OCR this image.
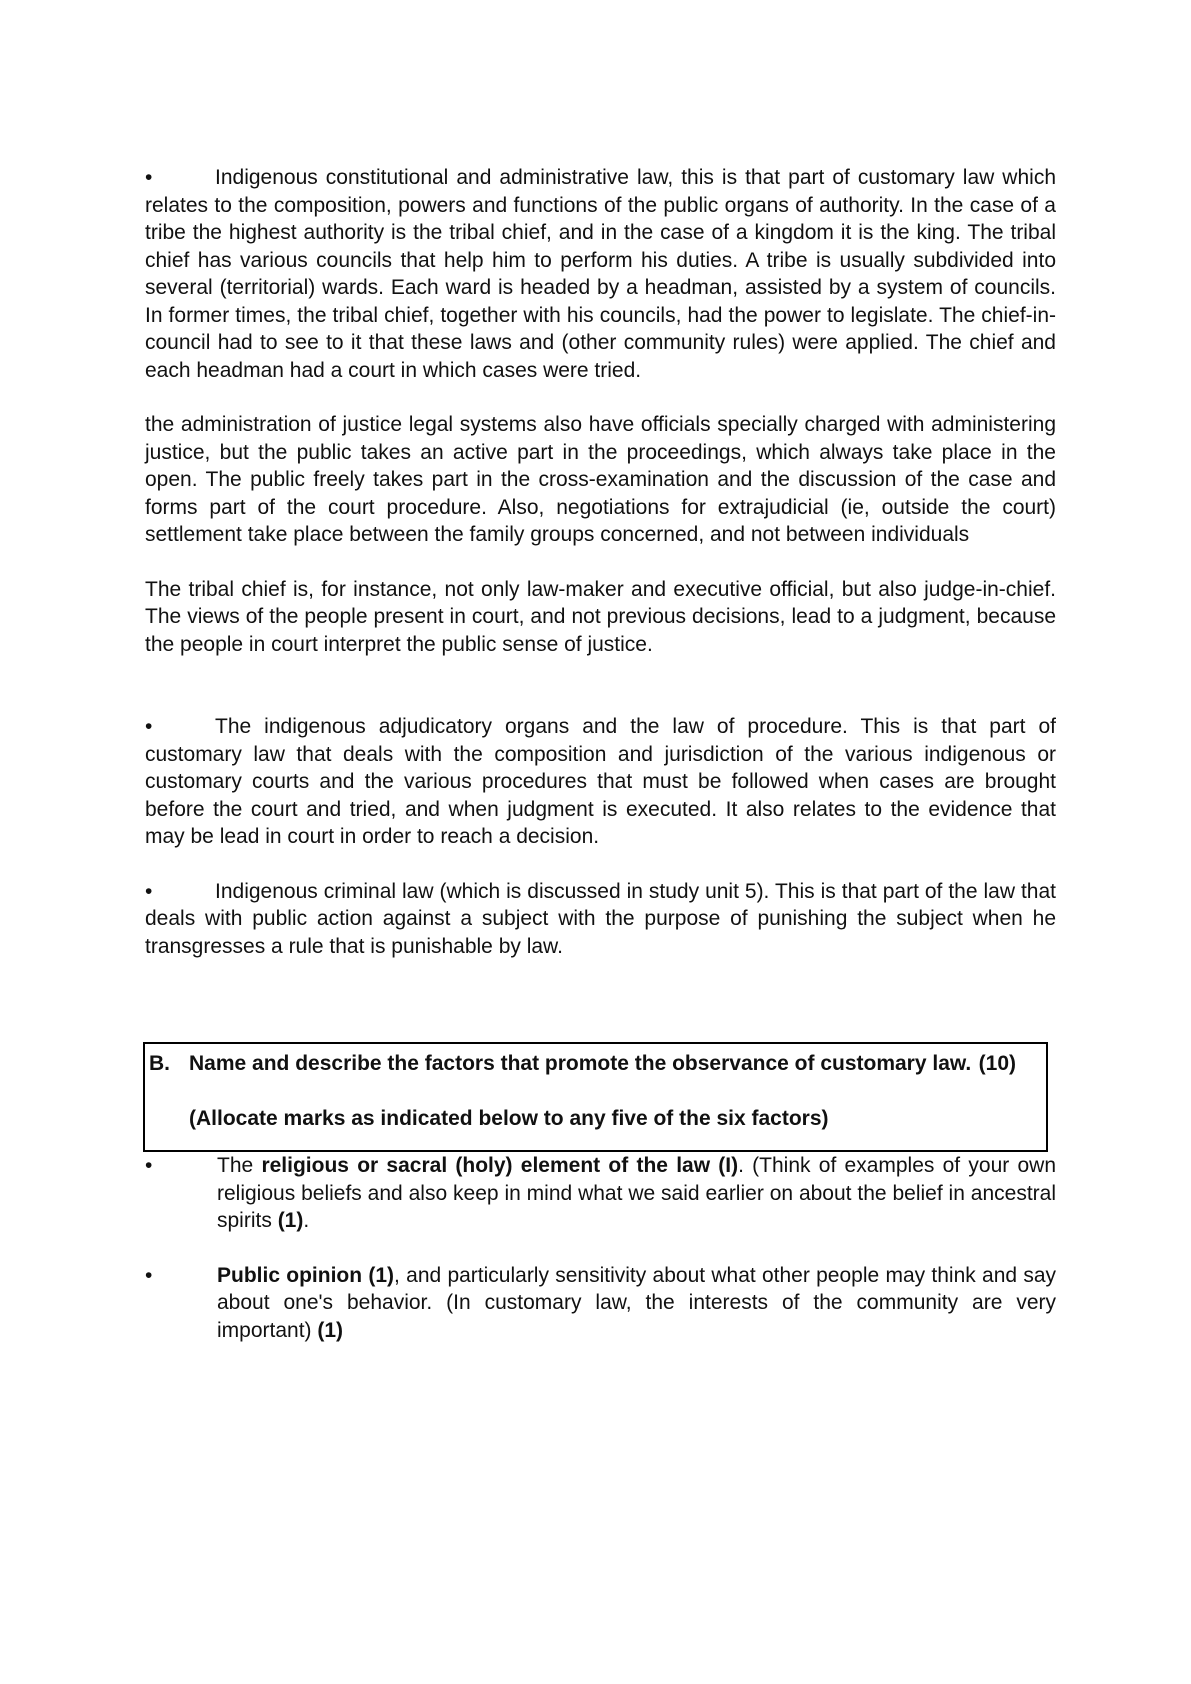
•	Indigenous constitutional and administrative law, this is that part of customary law which relates to the composition, powers and functions of the public organs of authority. In the case of a tribe the highest authority is the tribal chief, and in the case of a kingdom it is the king. The tribal chief has various councils that help him to perform his duties. A tribe is usually subdivided into several (territorial) wards. Each ward is headed by a headman, assisted by a system of councils. In former times, the tribal chief, together with his councils, had the power to legislate. The chief-in-council had to see to it that these laws and (other community rules) were applied. The chief and each headman had a court in which cases were tried.

the administration of justice legal systems also have officials specially charged with administering justice, but the public takes an active part in the proceedings, which always take place in the open. The public freely takes part in the cross-examination and the discussion of the case and forms part of the court procedure. Also, negotiations for extrajudicial (ie, outside the court) settlement take place between the family groups concerned, and not between individuals

The tribal chief is, for instance, not only law-maker and executive official, but also judge-in-chief. The views of the people present in court, and not previous decisions, lead to a judgment, because the people in court interpret the public sense of justice.

•	The indigenous adjudicatory organs and the law of procedure. This is that part of customary law that deals with the composition and jurisdiction of the various indigenous or customary courts and the various procedures that must be followed when cases are brought before the court and tried, and when judgment is executed. It also relates to the evidence that may be lead in court in order to reach a decision.

•	Indigenous criminal law (which is discussed in study unit 5). This is that part of the law that deals with public action against a subject with the purpose of punishing the subject when he transgresses a rule that is punishable by law.

B. Name and describe the factors that promote the observance of customary law. (10)
(Allocate marks as indicated below to any five of the six factors)
•	The religious or sacral (holy) element of the law (I). (Think of examples of your own religious beliefs and also keep in mind what we said earlier on about the belief in ancestral spirits (1).
•	Public opinion (1), and particularly sensitivity about what other people may think and say about one's behavior. (In customary law, the interests of the community are very important) (1)
